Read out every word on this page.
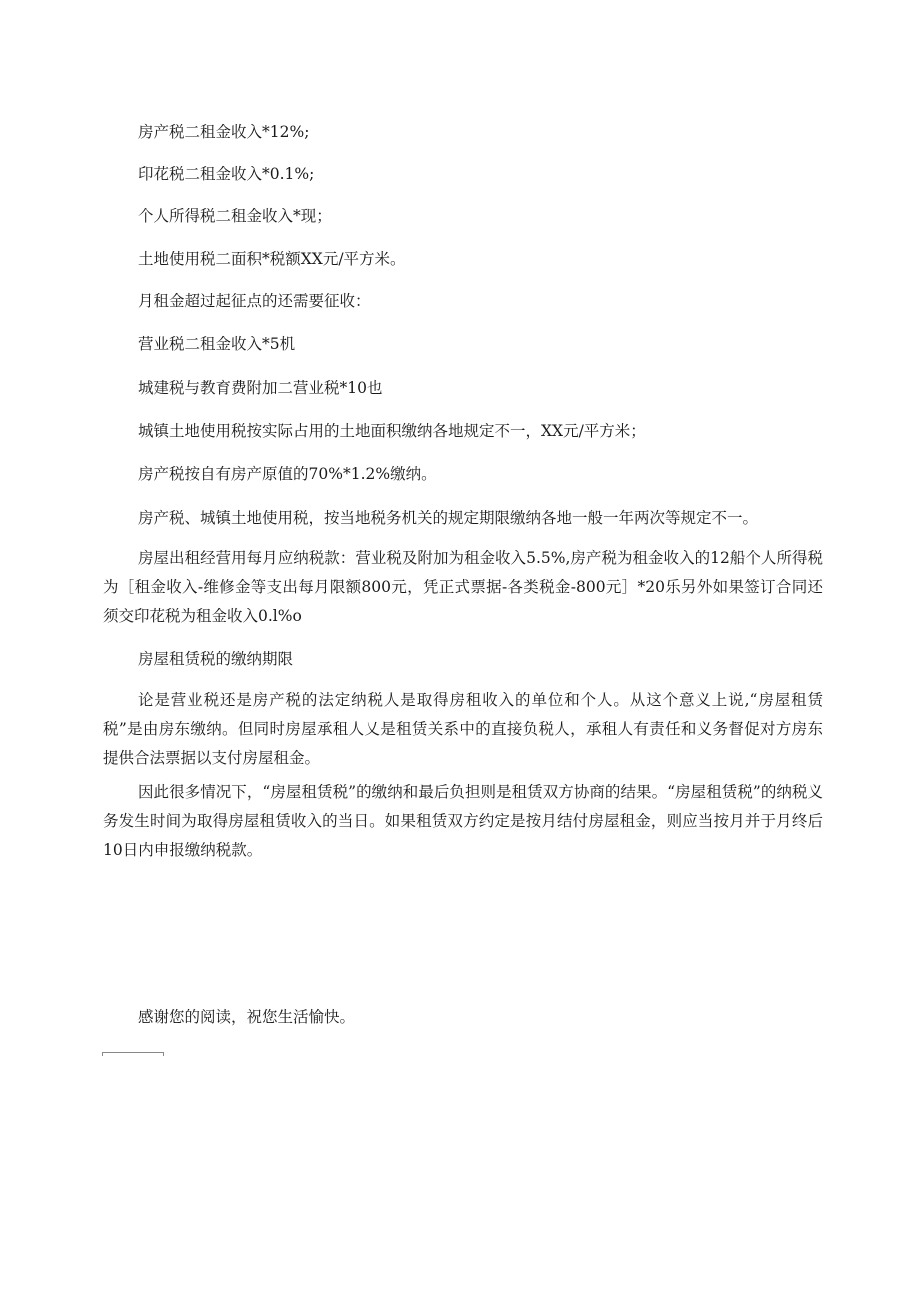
房产税二租金收入*12%;
印花税二租金收入*0.1%;
个人所得税二租金收入*现；
土地使用税二面积*税额XX元/平方米。
月租金超过起征点的还需要征收：
营业税二租金收入*5机
城建税与教育费附加二营业税*10也
城镇土地使用税按实际占用的土地面积缴纳各地规定不一，XX元/平方米；
房产税按自有房产原值的70%*1.2%缴纳。
房产税、城镇土地使用税，按当地税务机关的规定期限缴纳各地一般一年两次等规定不一。
房屋出租经营用每月应纳税款：营业税及附加为租金收入5.5%,房产税为租金收入的12船个人所得税为［租金收入-维修金等支出每月限额800元，凭正式票据-各类税金-800元］*20乐另外如果签订合同还须交印花税为租金收入0.l%o
房屋租赁税的缴纳期限
论是营业税还是房产税的法定纳税人是取得房租收入的单位和个人。从这个意义上说,“房屋租赁税”是由房东缴纳。但同时房屋承租人乂是租赁关系中的直接负税人，承租人有责任和义务督促对方房东提供合法票据以支付房屋租金。
因此很多情况下，“房屋租赁税”的缴纳和最后负担则是租赁双方协商的结果。“房屋租赁税”的纳税义务发生时间为取得房屋租赁收入的当日。如果租赁双方约定是按月结付房屋租金，则应当按月并于月终后10日内申报缴纳税款。
感谢您的阅读，祝您生活愉快。
